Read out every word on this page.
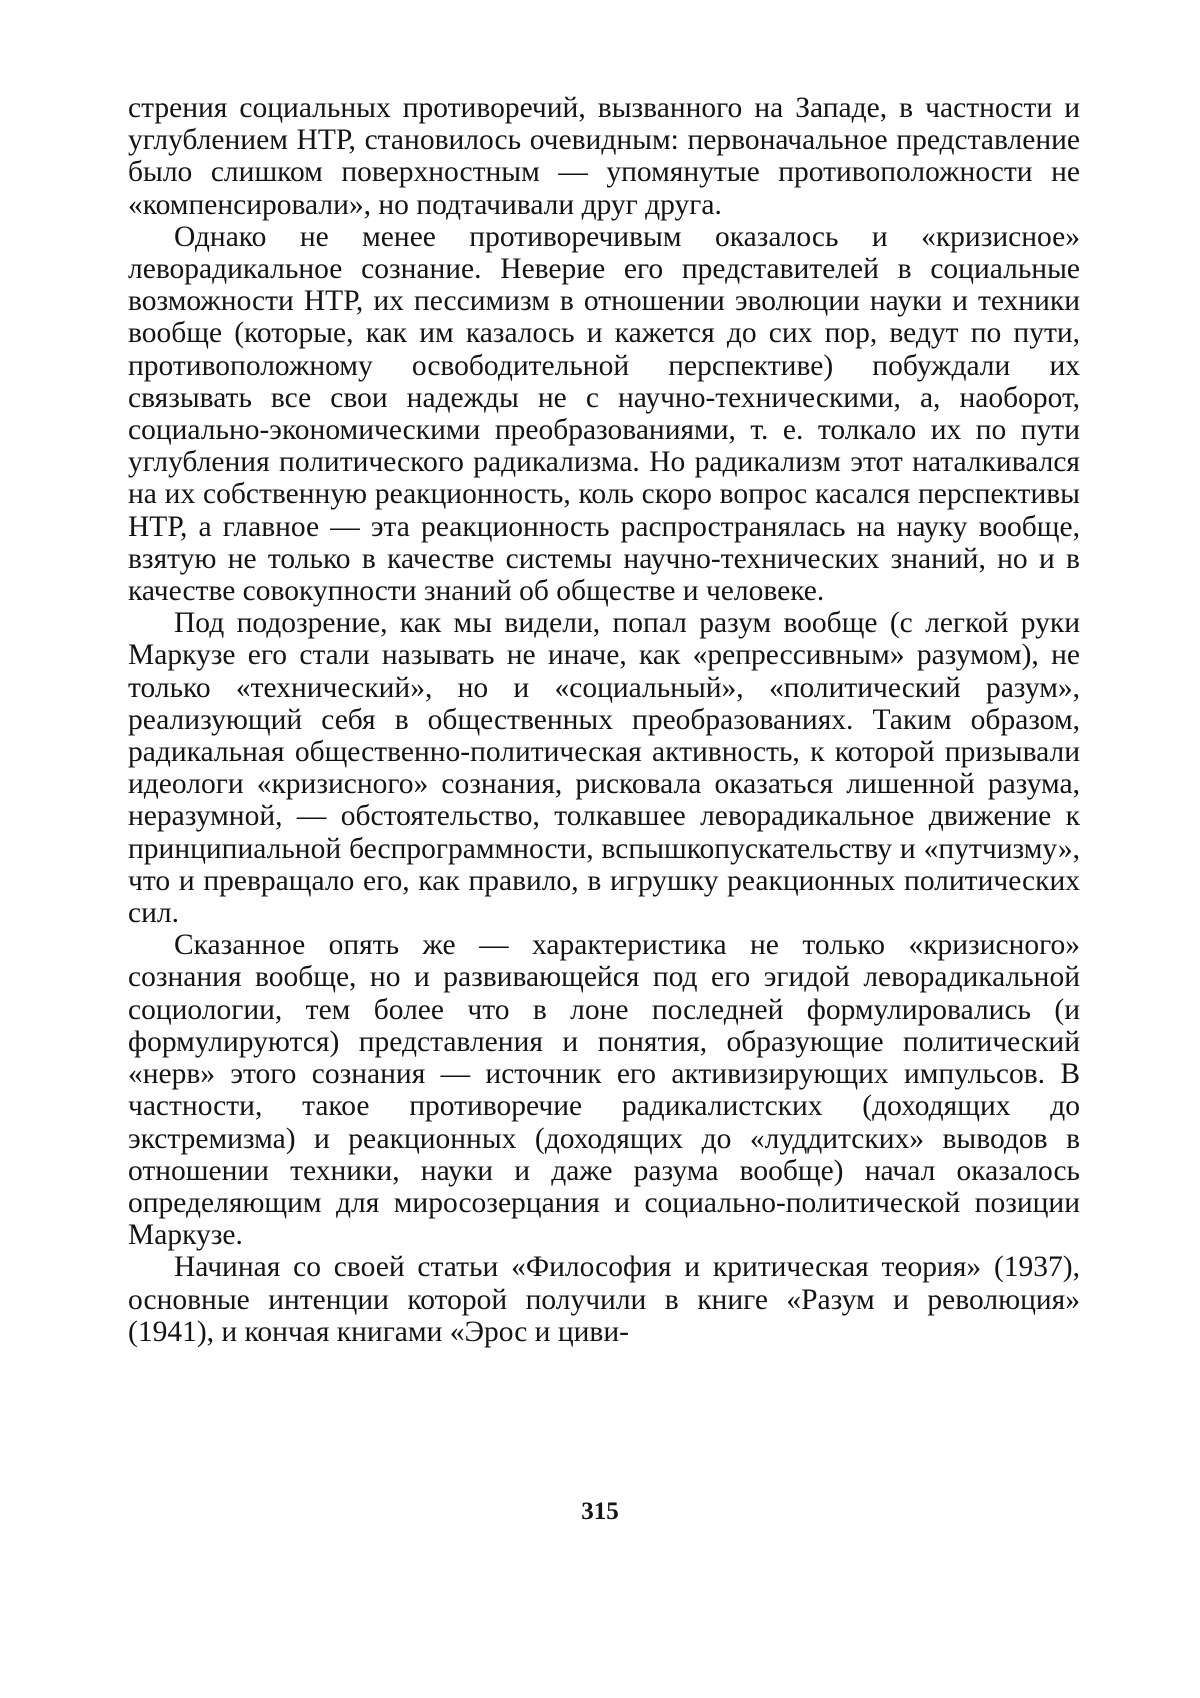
стрения социальных противоречий, вызванного на Западе, в частности и углублением НТР, становилось очевидным: первоначальное представление было слишком поверхностным — упомянутые противоположности не «компенсировали», но подтачивали друг друга.

Однако не менее противоречивым оказалось и «кризисное» леворадикальное сознание. Неверие его представителей в социальные возможности НТР, их пессимизм в отношении эволюции науки и техники вообще (которые, как им казалось и кажется до сих пор, ведут по пути, противоположному освободительной перспективе) побуждали их связывать все свои надежды не с научно-техническими, а, наоборот, социально-экономическими преобразованиями, т. е. толкало их по пути углубления политического радикализма. Но радикализм этот наталкивался на их собственную реакционность, коль скоро вопрос касался перспективы НТР, а главное — эта реакционность распространялась на науку вообще, взятую не только в качестве системы научно-технических знаний, но и в качестве совокупности знаний об обществе и человеке.

Под подозрение, как мы видели, попал разум вообще (с легкой руки Маркузе его стали называть не иначе, как «репрессивным» разумом), не только «технический», но и «социальный», «политический разум», реализующий себя в общественных преобразованиях. Таким образом, радикальная общественно-политическая активность, к которой призывали идеологи «кризисного» сознания, рисковала оказаться лишенной разума, неразумной, — обстоятельство, толкавшее леворадикальное движение к принципиальной беспрограммности, вспышкопускательству и «путчизму», что и превращало его, как правило, в игрушку реакционных политических сил.

Сказанное опять же — характеристика не только «кризисного» сознания вообще, но и развивающейся под его эгидой леворадикальной социологии, тем более что в лоне последней формулировались (и формулируются) представления и понятия, образующие политический «нерв» этого сознания — источник его активизирующих импульсов. В частности, такое противоречие радикалистских (доходящих до экстремизма) и реакционных (доходящих до «луддитских» выводов в отношении техники, науки и даже разума вообще) начал оказалось определяющим для миросозерцания и социально-политической позиции Маркузе.

Начиная со своей статьи «Философия и критическая теория» (1937), основные интенции которой получили в книге «Разум и революция» (1941), и кончая книгами «Эрос и циви-

315
